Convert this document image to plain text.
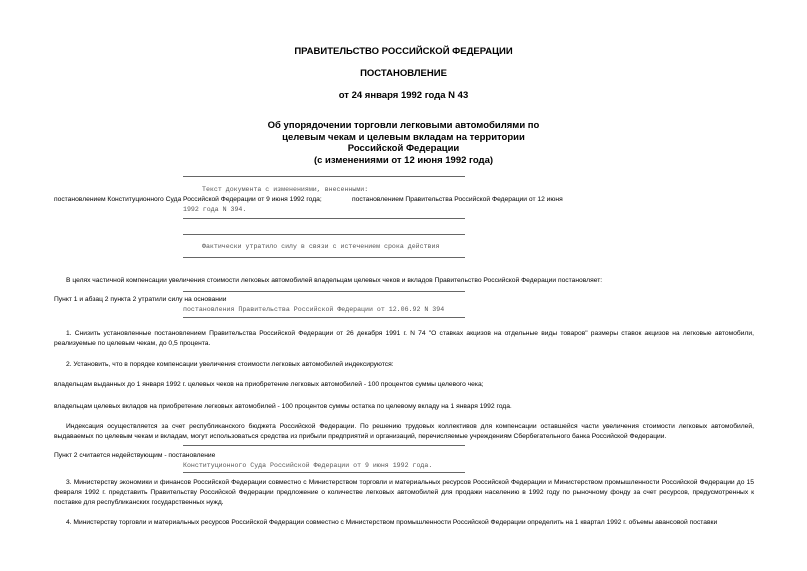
ПРАВИТЕЛЬСТВО РОССИЙСКОЙ ФЕДЕРАЦИИ
ПОСТАНОВЛЕНИЕ
от 24 января 1992 года N 43
Об упорядочении торговли легковыми автомобилями по
целевым чекам и целевым вкладам на территории
Российской Федерации
(с изменениями от 12 июня 1992 года)
Текст документа с изменениями, внесенными:
постановлением Конституционного Суда Российской Федерации от 9 июня 1992 года;	постановлением Правительства Российской Федерации от 12 июня
1992 года N 394.
Фактически утратило силу в связи с истечением срока действия
В целях частичной компенсации увеличения стоимости легковых автомобилей владельцам целевых чеков и вкладов Правительство Российской Федерации постановляет:
Пункт 1 и абзац 2 пункта 2 утратили силу на основании
постановления Правительства Российской Федерации от 12.06.92 N 394
1. Снизить установленные постановлением Правительства Российской Федерации от 26 декабря 1991 г. N 74 "О ставках акцизов на отдельные виды товаров" размеры ставок акцизов на легковые автомобили, реализуемые по целевым чекам, до 0,5 процента.
2. Установить, что в порядке компенсации увеличения стоимости легковых автомобилей индексируются:
владельцам выданных до 1 января 1992 г. целевых чеков на приобретение легковых автомобилей - 100 процентов суммы целевого чека;
владельцам целевых вкладов на приобретение легковых автомобилей - 100 процентов суммы остатка по целевому вкладу на 1 января 1992 года.
Индексация осуществляется за счет республиканского бюджета Российской Федерации. По решению трудовых коллективов для компенсации оставшейся части увеличения стоимости легковых автомобилей, выдаваемых по целевым чекам и вкладам, могут использоваться средства из прибыли предприятий и организаций, перечисляемые учреждениям Сбербегательного банка Российской Федерации.
Пункт 2 считается недействующим - постановление
Конституционного Суда Российской Федерации от 9 июня 1992 года.
3. Министерству экономики и финансов Российской Федерации совместно с Министерством торговли и материальных ресурсов Российской Федерации и Министерством промышленности Российской Федерации до 15 февраля 1992 г. представить Правительству Российской Федерации предложение о количестве легковых автомобилей для продажи населению в 1992 году по рыночному фонду за счет ресурсов, предусмотренных к поставке для республиканских государственных нужд.
4. Министерству торговли и материальных ресурсов Российской Федерации совместно с Министерством промышленности Российской Федерации определить на 1 квартал 1992 г. объемы авансовой поставки
